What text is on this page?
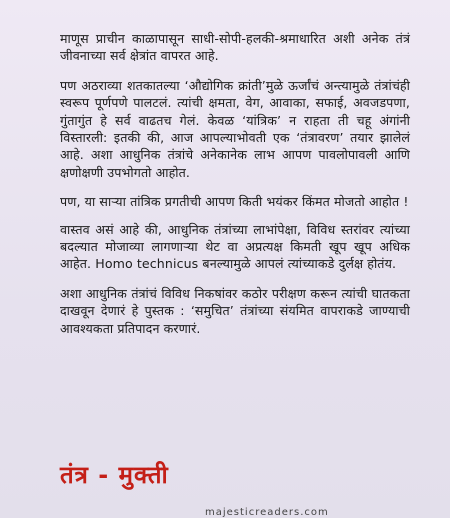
माणूस प्राचीन काळापासून साधी-सोपी-हलकी-श्रमाधारित अशी अनेक तंत्रं जीवनाच्या सर्व क्षेत्रांत वापरत आहे.

पण अठराव्या शतकातल्या ‘औद्योगिक क्रांती’मुळे ऊर्जांचं अन्त्यामुळे तंत्रांचंही स्वरूप पूर्णपणे पालटलं. त्यांची क्षमता, वेग, आवाका, सफाई, अवजडपणा, गुंतागुंत हे सर्व वाढतच गेलं. केवळ ‘यांत्रिक’ न राहता ती चहू अंगांनी विस्तारली: इतकी की, आज आपल्याभोवती एक ‘तंत्रावरण’ तयार झालेलं आहे. अशा आधुनिक तंत्रांचे अनेकानेक लाभ आपण पावलोपावली आणि क्षणोक्षणी उपभोगतो आहोत.

पण, या साऱ्या तांत्रिक प्रगतीची आपण किती भयंकर किंमत मोजतो आहोत !

वास्तव असं आहे की, आधुनिक तंत्रांच्या लाभांपेक्षा, विविध स्तरांवर त्यांच्या बदल्यात मोजाव्या लागणाऱ्या थेट वा अप्रत्यक्ष किमती खूप खूप अधिक आहेत. Homo technicus बनल्यामुळे आपलं त्यांच्याकडे दुर्लक्ष होतंय.

अशा आधुनिक तंत्रांचं विविध निकषांवर कठोर परीक्षण करून त्यांची घातकता दाखवून देणारं हे पुस्तक : ‘समुचित’ तंत्रांच्या संयमित वापराकडे जाण्याची आवश्यकता प्रतिपादन करणारं.

तंत्र - मुक्ती
majesticreaders.com
